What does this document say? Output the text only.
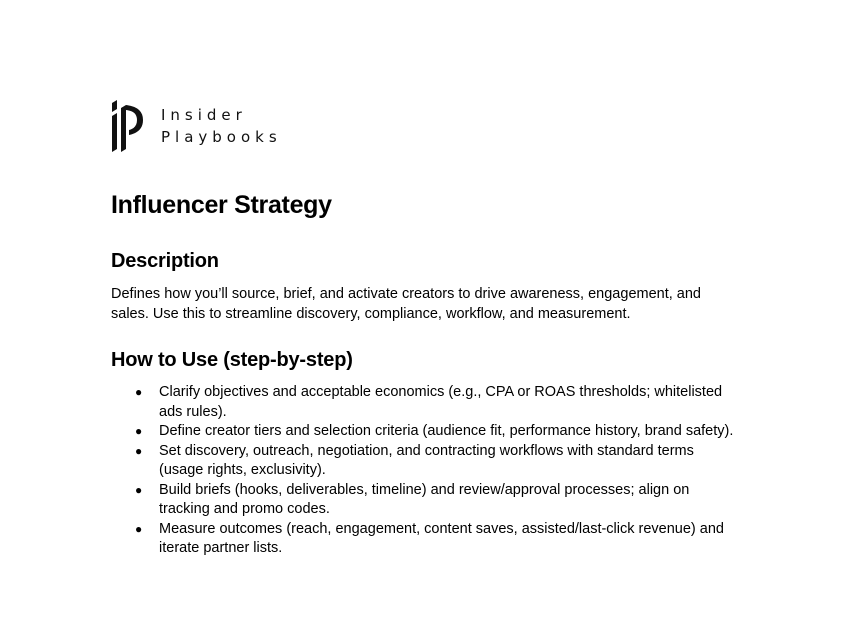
Insider
Playbooks
Influencer Strategy
Description

Defines how you’ll source, brief, and activate creators to drive awareness, engagement, and sales. Use this to streamline discovery, compliance, workflow, and measurement.

How to Use (step-by-step)
● Clarify objectives and acceptable economics (e.g., CPA or ROAS thresholds; whitelisted ads rules).
● Define creator tiers and selection criteria (audience fit, performance history, brand safety).
● Set discovery, outreach, negotiation, and contracting workflows with standard terms (usage rights, exclusivity).
● Build briefs (hooks, deliverables, timeline) and review/approval processes; align on tracking and promo codes.
● Measure outcomes (reach, engagement, content saves, assisted/last-click revenue) and iterate partner lists.
